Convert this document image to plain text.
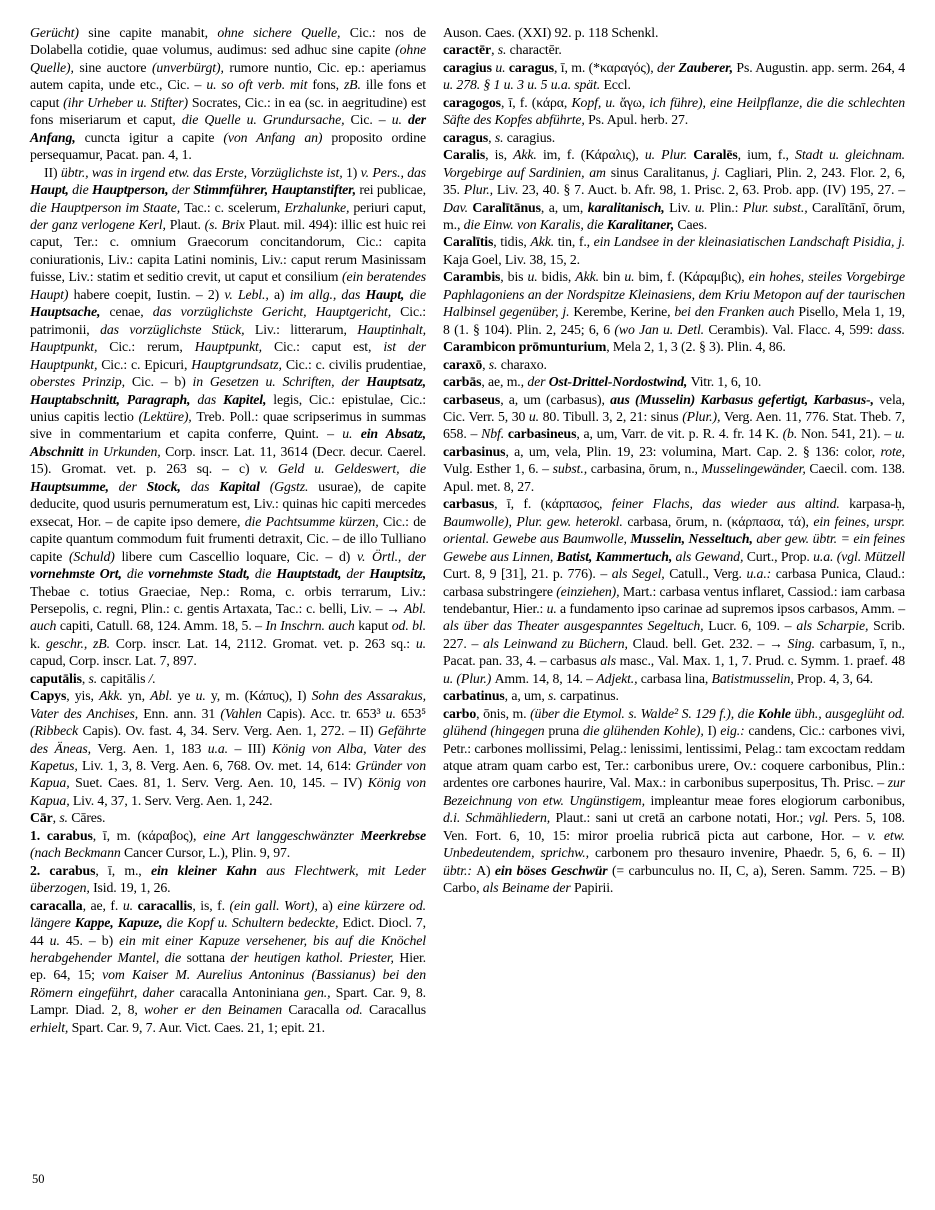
Gerücht) sine capite manabit, ohne sichere Quelle, Cic.: nos de Dolabella cotidie, quae volumus, audimus: sed adhuc sine capite (ohne Quelle), sine auctore (unverbürgt), rumore nuntio, Cic. ep.: aperiamus autem capita, unde etc., Cic. – u. so oft verb. mit fons, zB. ille fons et caput (ihr Urheber u. Stifter) Socrates, Cic.: in ea (sc. in aegritudine) est fons miseriarum et caput, die Quelle u. Grundursache, Cic. – u. der Anfang, cuncta igitur a capite (von Anfang an) proposito ordine persequamur, Pacat. pan. 4, 1.

II) übtr., was in irgend etw. das Erste, Vorzüglichste ist, 1) v. Pers., das Haupt, die Hauptperson, der Stimmführer, Hauptanstifter, rei publicae, die Hauptperson im Staate, Tac.: c. scelerum, Erzhalunke, periuri caput, der ganz verlogene Kerl, Plaut. (s. Brix Plaut. mil. 494): illic est huic rei caput, Ter.: c. omnium Graecorum concitandorum, Cic.: capita coniurationis, Liv.: capita Latini nominis, Liv.: caput rerum Masinissam fuisse, Liv.: statim et seditio crevit, ut caput et consilium (ein beratendes Haupt) habere coepit, Iustin. – 2) v. Lebl., a) im allg., das Haupt, die Hauptsache, cenae, das vorzüglichste Gericht, Hauptgericht, Cic.: patrimonii, das vorzüglichste Stück, Liv.: litterarum, Hauptinhalt, Hauptpunkt, Cic.: rerum, Hauptpunkt, Cic.: caput est, ist der Hauptpunkt, Cic.: c. Epicuri, Hauptgrundsatz, Cic.: c. civilis prudentiae, oberstes Prinzip, Cic. – b) in Gesetzen u. Schriften, der Hauptsatz, Hauptabschnitt, Paragraph, das Kapitel, legis, Cic.: epistulae, Cic.: unius capitis lectio (Lektüre), Treb. Poll.: quae scripserimus in summas sive in commentarium et capita conferre, Quint. – u. ein Absatz, Abschnitt in Urkunden, Corp. inscr. Lat. 11, 3614 (Decr. decur. Caerel. 15). Gromat. vet. p. 263 sq. – c) v. Geld u. Geldeswert, die Hauptsumme, der Stock, das Kapital (Ggstz. usurae), de capite deducite, quod usuris pernumeratum est, Liv.: quinas hic capiti mercedes exsecat, Hor. – de capite ipso demere, die Pachtsumme kürzen, Cic.: de capite quantum commodum fuit frumenti detraxit, Cic. – de illo Tulliano capite (Schuld) libere cum Cascellio loquare, Cic. – d) v. Örtl., der vornehmste Ort, die vornehmste Stadt, die Hauptstadt, der Hauptsitz, Thebae c. totius Graeciae, Nep.: Roma, c. orbis terrarum, Liv.: Persepolis, c. regni, Plin.: c. gentis Artaxata, Tac.: c. belli, Liv. – → Abl. auch capiti, Catull. 68, 124. Amm. 18, 5. – In Inschrn. auch kaput od. bl. k. geschr., zB. Corp. inscr. Lat. 14, 2112. Gromat. vet. p. 263 sq.: u. capud, Corp. inscr. Lat. 7, 897.

caputālis, s. capitālis /.

Capys, yis, Akk. yn, Abl. ye u. y, m. (Κάπυς), I) Sohn des Assarakus, Vater des Anchises, Enn. ann. 31 (Vahlen Capis). Acc. tr. 653³ u. 653⁵ (Ribbeck Capis). Ov. fast. 4, 34. Serv. Verg. Aen. 1, 272. – II) Gefährte des Äneas, Verg. Aen. 1, 183 u.a. – III) König von Alba, Vater des Kapetus, Liv. 1, 3, 8. Verg. Aen. 6, 768. Ov. met. 14, 614: Gründer von Kapua, Suet. Caes. 81, 1. Serv. Verg. Aen. 10, 145. – IV) König von Kapua, Liv. 4, 37, 1. Serv. Verg. Aen. 1, 242.

Cār, s. Cāres.

1. carabus, ī, m. (κάραβος), eine Art langgeschwänzter Meerkrebse (nach Beckmann Cancer Cursor, L.), Plin. 9, 97.

2. carabus, ī, m., ein kleiner Kahn aus Flechtwerk, mit Leder überzogen, Isid. 19, 1, 26.

caracalla, ae, f. u. caracallis, is, f. (ein gall. Wort), a) eine kürzere od. längere Kappe, Kapuze, die Kopf u. Schultern bedeckte, Edict. Diocl. 7, 44 u. 45. – b) ein mit einer Kapuze versehener, bis auf die Knöchel herabgehender Mantel, die sottana der heutigen kathol. Priester, Hier. ep. 64, 15; vom Kaiser M. Aurelius Antoninus (Bassianus) bei den Römern eingeführt, daher caracalla Antoniniana gen., Spart. Car. 9, 8. Lampr. Diad. 2, 8, woher er den Beinamen Caracalla od. Caracallus erhielt, Spart. Car. 9, 7. Aur. Vict. Caes. 21, 1; epit. 21.

Auson. Caes. (XXI) 92. p. 118 Schenkl.

caractēr, s. charactēr.

caragius u. caragus, ī, m. (*καραγός), der Zauberer, Ps. Augustin. app. serm. 264, 4 u. 278. § 1 u. 3 u. 5 u.a. spät. Eccl.

caragogos, ī, f. (κάρα, Kopf, u. ἄγω, ich führe), eine Heilpflanze, die die schlechten Säfte des Kopfes abführte, Ps. Apul. herb. 27.

caragus, s. caragius.

Caralis, is, Akk. im, f. (Κάραλις), u. Plur. Caralēs, ium, f., Stadt u. gleichnam. Vorgebirge auf Sardinien, am sinus Caralitanus, j. Cagliari, Plin. 2, 243. Flor. 2, 6, 35. Plur., Liv. 23, 40. § 7. Auct. b. Afr. 98, 1. Prisc. 2, 63. Prob. app. (IV) 195, 27. – Dav. Caralītānus, a, um, karalitanisch, Liv. u. Plin.: Plur. subst., Caralītānī, ōrum, m., die Einw. von Karalis, die Karalitaner, Caes.

Caralītis, tidis, Akk. tin, f., ein Landsee in der kleinasiatischen Landschaft Pisidia, j. Kaja Goel, Liv. 38, 15, 2.

Carambis, bis u. bidis, Akk. bin u. bim, f. (Κάραμβις), ein hohes, steiles Vorgebirge Paphlagoniens an der Nordspitze Kleinasiens, dem Kriu Metopon auf der taurischen Halbinsel gegenüber, j. Kerembe, Kerine, bei den Franken auch Pisello, Mela 1, 19, 8 (1. § 104). Plin. 2, 245; 6, 6 (wo Jan u. Detl. Cerambis). Val. Flacc. 4, 599: dass. Carambicon prōmunturium, Mela 2, 1, 3 (2. § 3). Plin. 4, 86.

caraxō, s. charaxo.

carbās, ae, m., der Ost-Drittel-Nordostwind, Vitr. 1, 6, 10.

carbaseus, a, um (carbasus), aus (Musselin) Karbasus gefertigt, Karbasus-, vela, Cic. Verr. 5, 30 u. 80. Tibull. 3, 2, 21: sinus (Plur.), Verg. Aen. 11, 776. Stat. Theb. 7, 658. – Nbf. carbasineus, a, um, Varr. de vit. p. R. 4. fr. 14 K. (b. Non. 541, 21). – u. carbasinus, a, um, vela, Plin. 19, 23: volumina, Mart. Cap. 2. § 136: color, rote, Vulg. Esther 1, 6. – subst., carbasina, ōrum, n., Musselingewänder, Caecil. com. 138. Apul. met. 8, 27.

carbasus, ī, f. (κάρπασος, feiner Flachs, das wieder aus altind. karpasa-ḥ, Baumwolle), Plur. gew. heterokl. carbasa, ōrum, n. (κάρπασα, τά), ein feines, urspr. oriental. Gewebe aus Baumwolle, Musselin, Nesseltuch, aber gew. übtr. = ein feines Gewebe aus Linnen, Batist, Kammertuch, als Gewand, Curt., Prop. u.a. (vgl. Mützell Curt. 8, 9 [31], 21. p. 776). – als Segel, Catull., Verg. u.a.: carbasa Punica, Claud.: carbasa substringere (einziehen), Mart.: carbasa ventus inflaret, Cassiod.: iam carbasa tendebantur, Hier.: u. a fundamento ipso carinae ad supremos ipsos carbasos, Amm. – als über das Theater ausgespanntes Segeltuch, Lucr. 6, 109. – als Scharpie, Scrib. 227. – als Leinwand zu Büchern, Claud. bell. Get. 232. – → Sing. carbasum, ī, n., Pacat. pan. 33, 4. – carbasus als masc., Val. Max. 1, 1, 7. Prud. c. Symm. 1. praef. 48 u. (Plur.) Amm. 14, 8, 14. – Adjekt., carbasa lina, Batistmusselin, Prop. 4, 3, 64.

carbatinus, a, um, s. carpatinus.

carbo, ōnis, m. (über die Etymol. s. Walde² S. 129 f.), die Kohle übh., ausgeglüht od. glühend (hingegen pruna die glühenden Kohle), I) eig.: candens, Cic.: carbones vivi, Petr.: carbones mollissimi, Pelag.: lenissimi, lentissimi, Pelag.: tam excoctam reddam atque atram quam carbo est, Ter.: carbonibus urere, Ov.: coquere carbonibus, Plin.: ardentes ore carbones haurire, Val. Max.: in carbonibus superpositus, Th. Prisc. – zur Bezeichnung von etw. Ungünstigem, impleantur meae fores elogiorum carbonibus, d.i. Schmähliedern, Plaut.: sani ut cretā an carbone notati, Hor.; vgl. Pers. 5, 108. Ven. Fort. 6, 10, 15: miror proelia rubricā picta aut carbone, Hor. – v. etw. Unbedeutendem, sprichw., carbonem pro thesauro invenire, Phaedr. 5, 6, 6. – II) übtr.: A) ein böses Geschwür (= carbunculus no. II, C, a), Seren. Samm. 725. – B) Carbo, als Beiname der Papirii.

50
